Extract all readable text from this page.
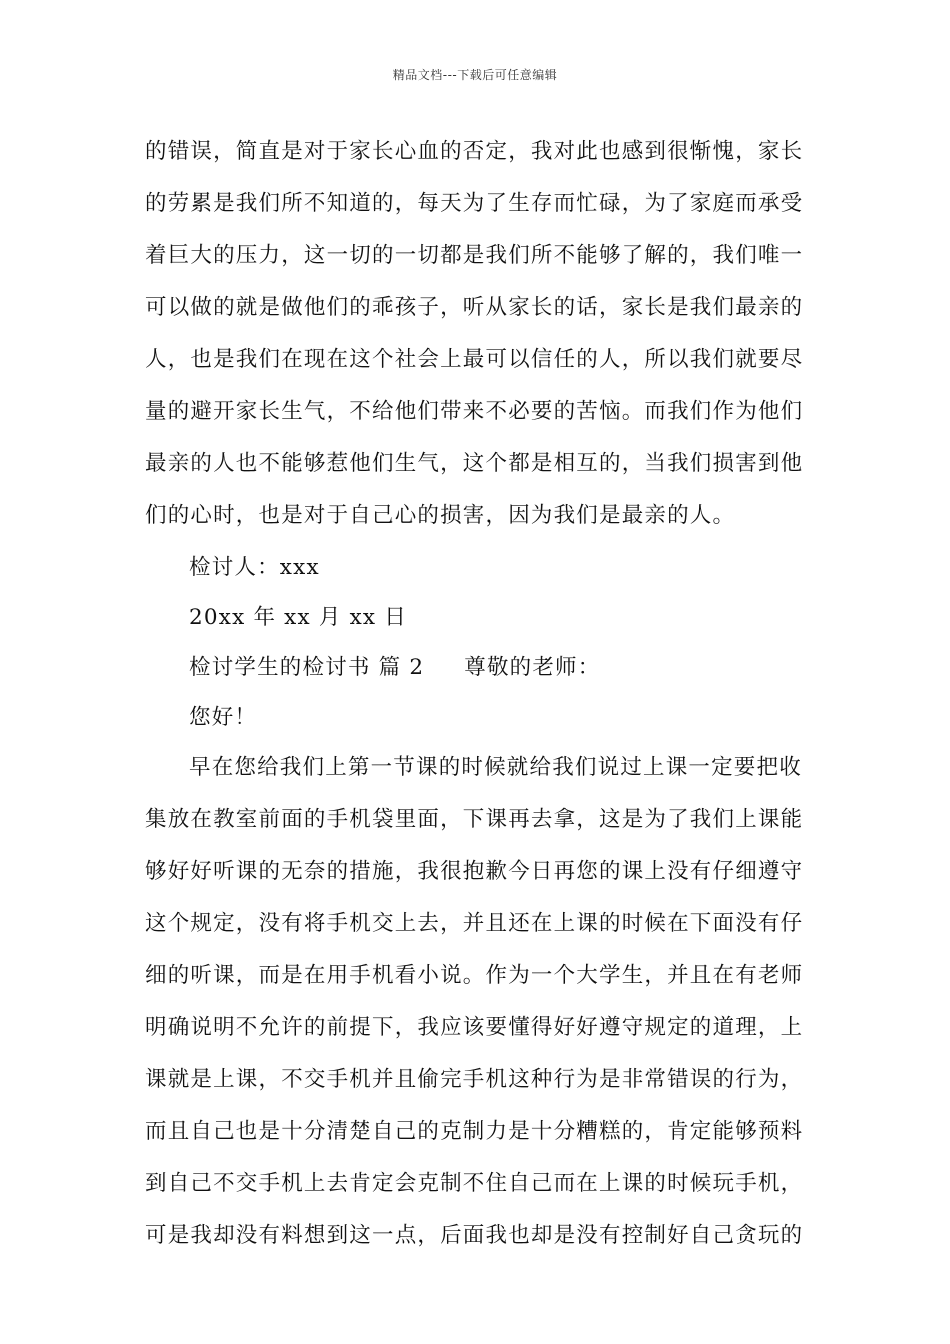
精品文档---下载后可任意编辑
的错误，简直是对于家长心血的否定，我对此也感到很惭愧，家长
的劳累是我们所不知道的，每天为了生存而忙碌，为了家庭而承受
着巨大的压力，这一切的一切都是我们所不能够了解的，我们唯一
可以做的就是做他们的乖孩子，听从家长的话，家长是我们最亲的
人，也是我们在现在这个社会上最可以信任的人，所以我们就要尽
量的避开家长生气，不给他们带来不必要的苦恼。而我们作为他们
最亲的人也不能够惹他们生气，这个都是相互的，当我们损害到他
们的心时，也是对于自己心的损害，因为我们是最亲的人。
检讨人：xxx
20xx 年 xx 月 xx 日
检讨学生的检讨书 篇 2 尊敬的老师：
您好！
早在您给我们上第一节课的时候就给我们说过上课一定要把收
集放在教室前面的手机袋里面，下课再去拿，这是为了我们上课能
够好好听课的无奈的措施，我很抱歉今日再您的课上没有仔细遵守
这个规定，没有将手机交上去，并且还在上课的时候在下面没有仔
细的听课，而是在用手机看小说。作为一个大学生，并且在有老师
明确说明不允许的前提下，我应该要懂得好好遵守规定的道理，上
课就是上课，不交手机并且偷完手机这种行为是非常错误的行为，
而且自己也是十分清楚自己的克制力是十分糟糕的，肯定能够预料
到自己不交手机上去肯定会克制不住自己而在上课的时候玩手机，
可是我却没有料想到这一点，后面我也却是没有控制好自己贪玩的
